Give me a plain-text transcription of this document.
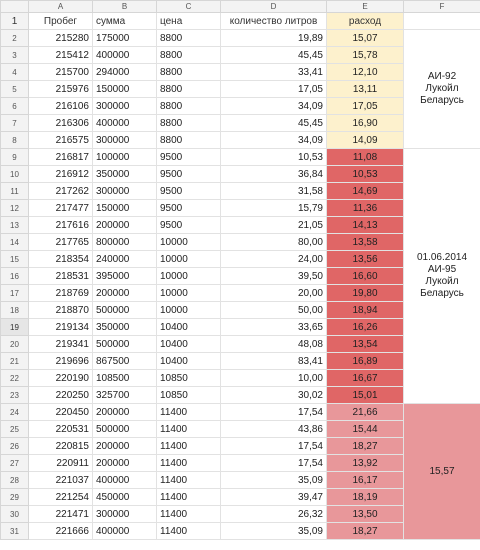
	A	B	C	D	E	F
1	Пробег	сумма	цена	количество литров	расход	
2	215280	175000	8800	19,89	15,07	АИ-92
Лукойл
Беларусь

3	215412	400000	8800	45,45	15,78	
4	215700	294000	8800	33,41	12,10	
5	215976	150000	8800	17,05	13,11	
6	216106	300000	8800	34,09	17,05	
7	216306	400000	8800	45,45	16,90	
8	216575	300000	8800	34,09	14,09	
9	216817	100000	9500	10,53	11,08	01.06.2014
АИ-95
Лукойл
Беларусь

10	216912	350000	9500	36,84	10,53	
11	217262	300000	9500	31,58	14,69	
12	217477	150000	9500	15,79	11,36	
13	217616	200000	9500	21,05	14,13	
14	217765	800000	10000	80,00	13,58	
15	218354	240000	10000	24,00	13,56	
16	218531	395000	10000	39,50	16,60	
17	218769	200000	10000	20,00	19,80	
18	218870	500000	10000	50,00	18,94	
19	219134	350000	10400	33,65	16,26	
20	219341	500000	10400	48,08	13,54	
21	219696	867500	10400	83,41	16,89	
22	220190	108500	10850	10,00	16,67	
23	220250	325700	10850	30,02	15,01	
24	220450	200000	11400	17,54	21,66	15,57

25	220531	500000	11400	43,86	15,44	
26	220815	200000	11400	17,54	18,27	
27	220911	200000	11400	17,54	13,92	
28	221037	400000	11400	35,09	16,17	
29	221254	450000	11400	39,47	18,19	
30	221471	300000	11400	26,32	13,50	
31	221666	400000	11400	35,09	18,27	
